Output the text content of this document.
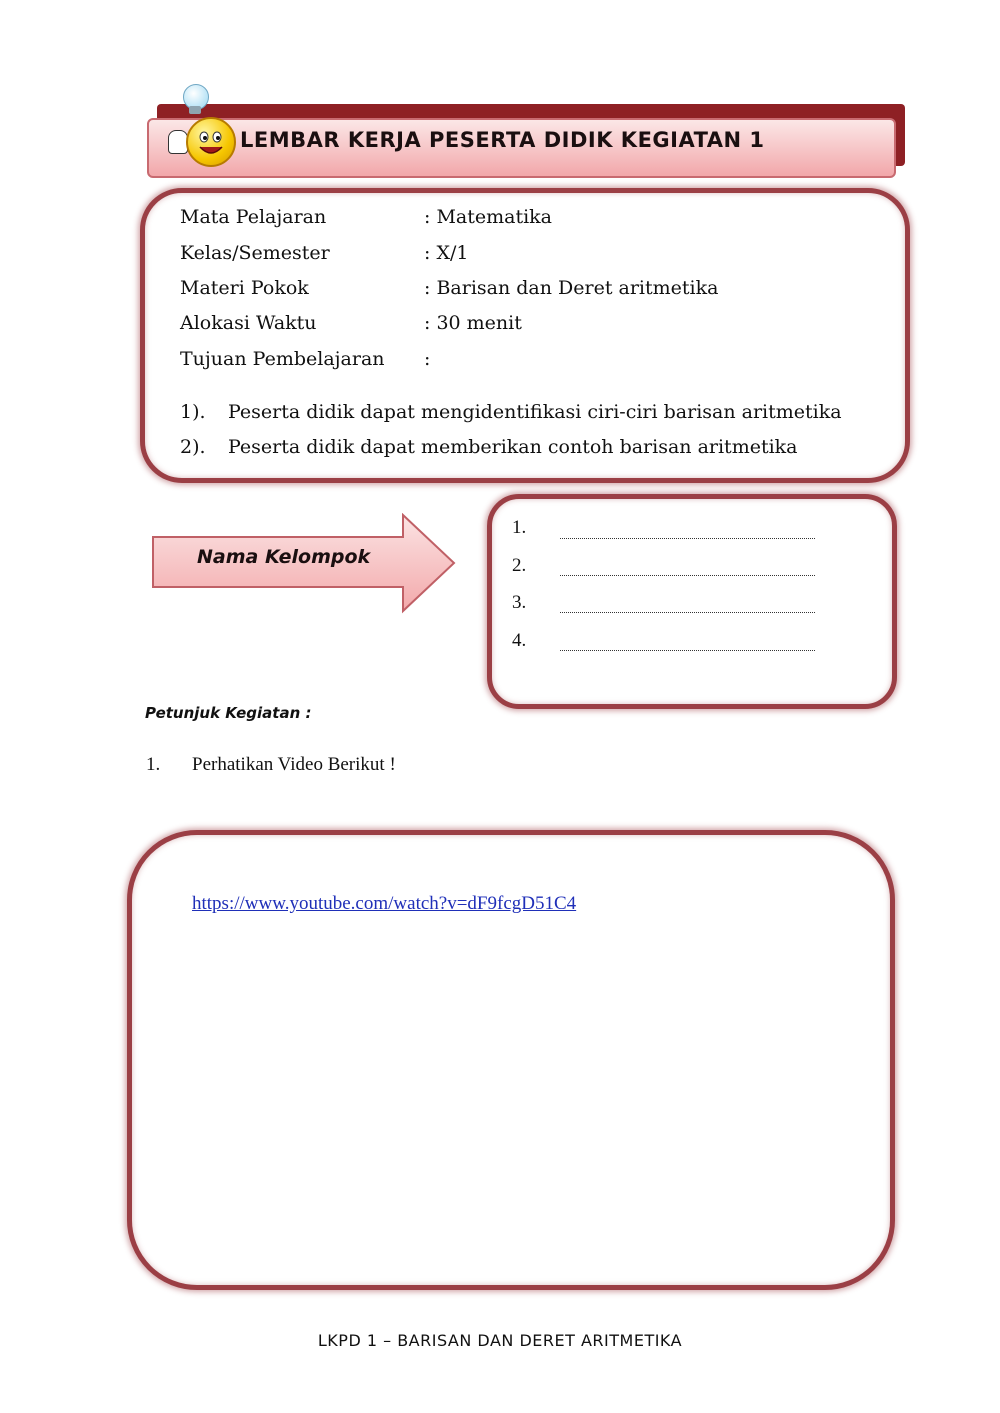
LEMBAR KERJA PESERTA DIDIK KEGIATAN 1
Mata Pelajaran	: Matematika
Kelas/Semester	: X/1
Materi Pokok	: Barisan dan Deret aritmetika
Alokasi Waktu	: 30 menit
Tujuan Pembelajaran :
1). Peserta didik dapat mengidentifikasi ciri-ciri barisan aritmetika
2). Peserta didik dapat memberikan contoh barisan aritmetika
Nama Kelompok
1.
2.
3.
4.
Petunjuk Kegiatan :
1. Perhatikan Video Berikut !
https://www.youtube.com/watch?v=dF9fcgD51C4
LKPD 1 – BARISAN DAN DERET ARITMETIKA
